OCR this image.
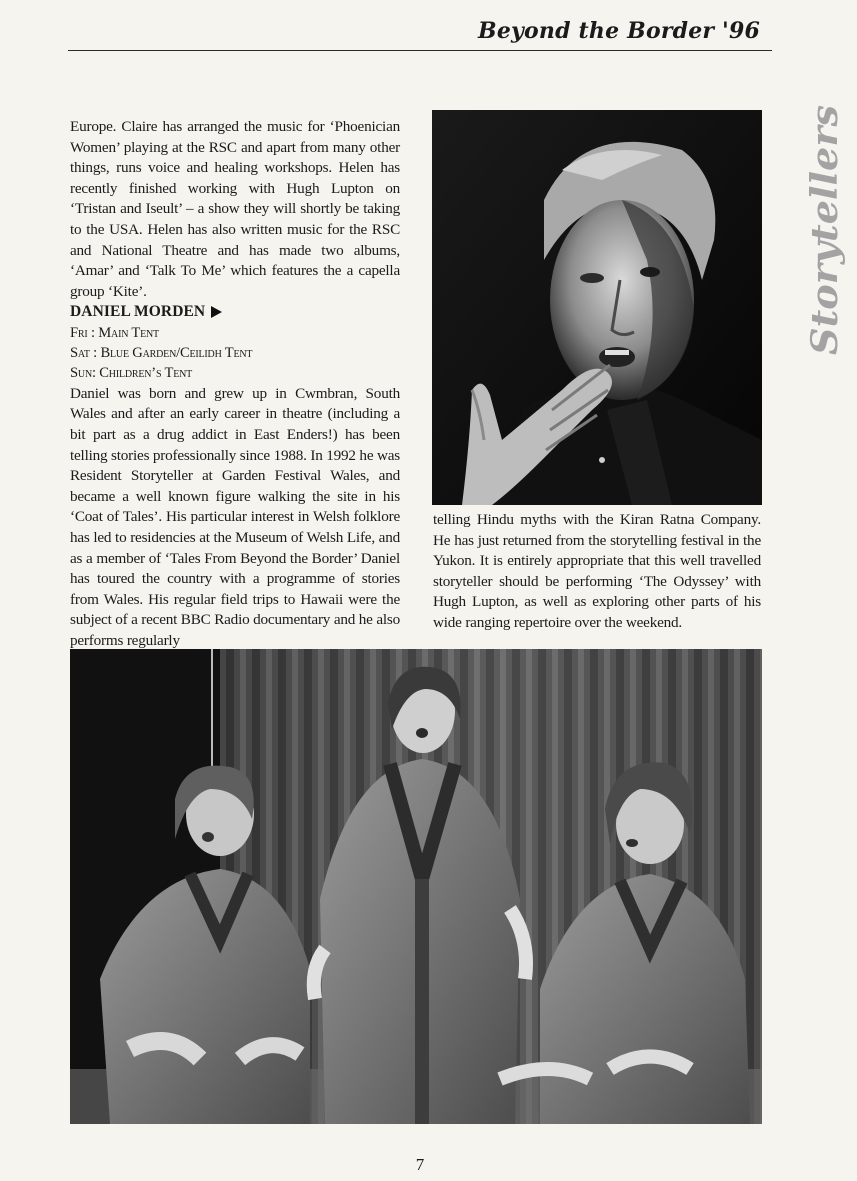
Beyond the Border '96
Storytellers

Europe. Claire has arranged the music for ‘Phoenician Women’ playing at the RSC and apart from many other things, runs voice and healing workshops. Helen has recently finished working with Hugh Lupton on ‘Tristan and Iseult’ – a show they will shortly be taking to the USA. Helen has also written music for the RSC and National Theatre and has made two albums, ‘Amar’ and ‘Talk To Me’ which features the a capella group ‘Kite’.

DANIEL MORDEN
Fri : Main Tent
Sat : Blue Garden/Ceilidh Tent
Sun: Children’s Tent

Daniel was born and grew up in Cwmbran, South Wales and after an early career in theatre (including a bit part as a drug addict in East Enders!) has been telling stories professionally since 1988. In 1992 he was Resident Storyteller at Garden Festival Wales, and became a well known figure walking the site in his ‘Coat of Tales’. His particular interest in Welsh folklore has led to residencies at the Museum of Welsh Life, and as a member of ‘Tales From Beyond the Border’ Daniel has toured the country with a programme of stories from Wales. His regular field trips to Hawaii were the subject of a recent BBC Radio documentary and he also performs regularly

telling Hindu myths with the Kiran Ratna Company. He has just returned from the storytelling festival in the Yukon. It is entirely appropriate that this well travelled storyteller should be performing ‘The Odyssey’ with Hugh Lupton, as well as exploring other parts of his wide ranging repertoire over the weekend.

7
